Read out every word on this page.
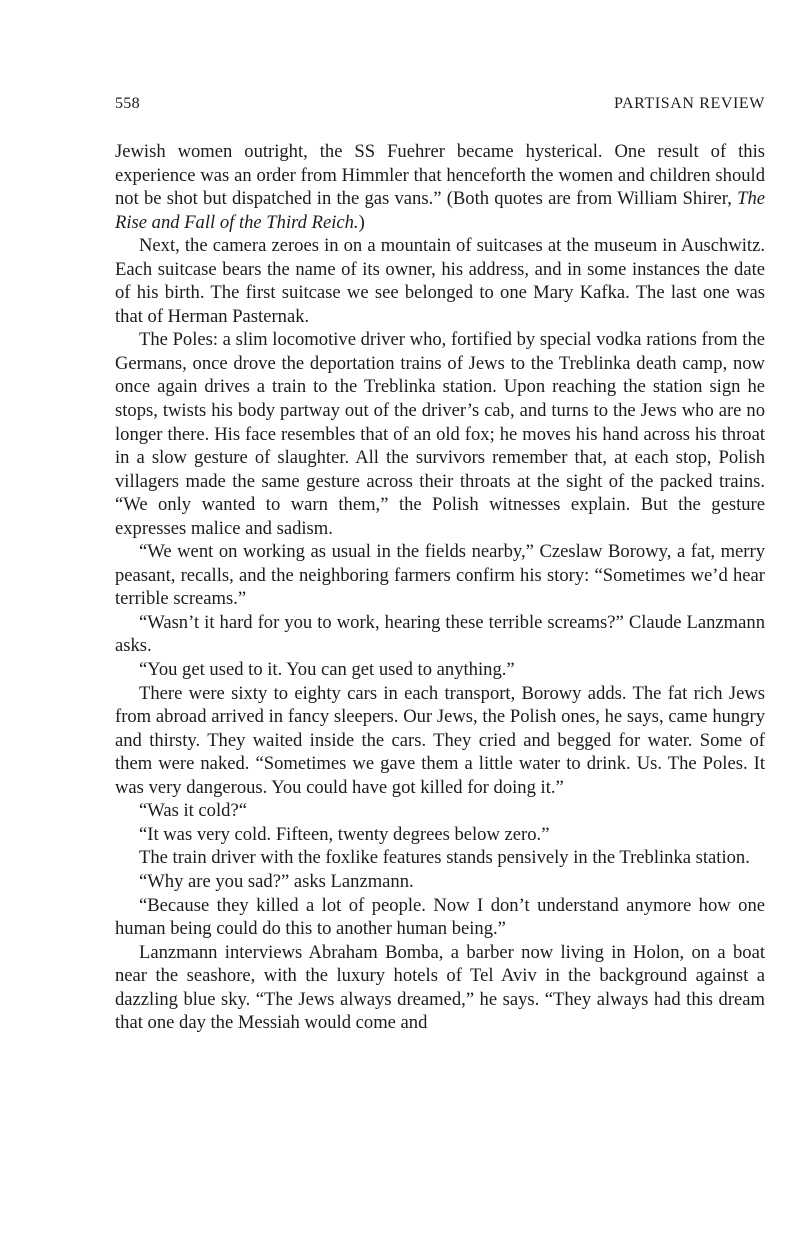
558	PARTISAN REVIEW

Jewish women outright, the SS Fuehrer became hysterical. One result of this experience was an order from Himmler that henceforth the women and children should not be shot but dispatched in the gas vans.” (Both quotes are from William Shirer, The Rise and Fall of the Third Reich.)

Next, the camera zeroes in on a mountain of suitcases at the museum in Auschwitz. Each suitcase bears the name of its owner, his address, and in some instances the date of his birth. The first suitcase we see belonged to one Mary Kafka. The last one was that of Herman Pasternak.

The Poles: a slim locomotive driver who, fortified by special vodka rations from the Germans, once drove the deportation trains of Jews to the Treblinka death camp, now once again drives a train to the Treblinka station. Upon reaching the station sign he stops, twists his body partway out of the driver’s cab, and turns to the Jews who are no longer there. His face resembles that of an old fox; he moves his hand across his throat in a slow gesture of slaughter. All the survivors remember that, at each stop, Polish villagers made the same gesture across their throats at the sight of the packed trains. “We only wanted to warn them,” the Polish witnesses explain. But the gesture expresses malice and sadism.

“We went on working as usual in the fields nearby,” Czeslaw Borowy, a fat, merry peasant, recalls, and the neighboring farmers confirm his story: “Sometimes we’d hear terrible screams.”

“Wasn’t it hard for you to work, hearing these terrible screams?” Claude Lanzmann asks.

“You get used to it. You can get used to anything.”

There were sixty to eighty cars in each transport, Borowy adds. The fat rich Jews from abroad arrived in fancy sleepers. Our Jews, the Polish ones, he says, came hungry and thirsty. They waited inside the cars. They cried and begged for water. Some of them were naked. “Sometimes we gave them a little water to drink. Us. The Poles. It was very dangerous. You could have got killed for doing it.”

“Was it cold?“

“It was very cold. Fifteen, twenty degrees below zero.”

The train driver with the foxlike features stands pensively in the Treblinka station.

“Why are you sad?” asks Lanzmann.

“Because they killed a lot of people. Now I don’t understand anymore how one human being could do this to another human being.”

Lanzmann interviews Abraham Bomba, a barber now living in Holon, on a boat near the seashore, with the luxury hotels of Tel Aviv in the background against a dazzling blue sky. “The Jews always dreamed,” he says. “They always had this dream that one day the Messiah would come and
